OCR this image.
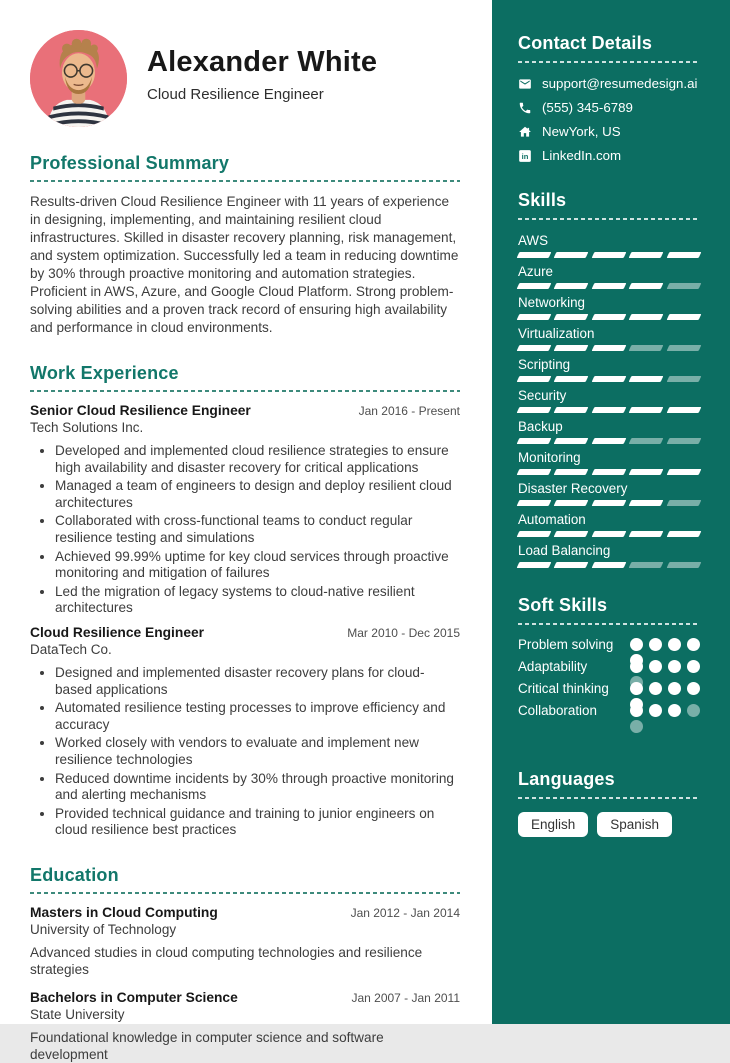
Alexander White
Cloud Resilience Engineer
Professional Summary

Results-driven Cloud Resilience Engineer with 11 years of experience in designing, implementing, and maintaining resilient cloud infrastructures. Skilled in disaster recovery planning, risk management, and system optimization. Successfully led a team in reducing downtime by 30% through proactive monitoring and automation strategies. Proficient in AWS, Azure, and Google Cloud Platform. Strong problem-solving abilities and a proven track record of ensuring high availability and performance in cloud environments.

Work Experience
Senior Cloud Resilience Engineer	Jan 2016 - Present
Tech Solutions Inc.
• Developed and implemented cloud resilience strategies to ensure high availability and disaster recovery for critical applications
• Managed a team of engineers to design and deploy resilient cloud architectures
• Collaborated with cross-functional teams to conduct regular resilience testing and simulations
• Achieved 99.99% uptime for key cloud services through proactive monitoring and mitigation of failures
• Led the migration of legacy systems to cloud-native resilient architectures
Cloud Resilience Engineer	Mar 2010 - Dec 2015
DataTech Co.
• Designed and implemented disaster recovery plans for cloud-based applications
• Automated resilience testing processes to improve efficiency and accuracy
• Worked closely with vendors to evaluate and implement new resilience technologies
• Reduced downtime incidents by 30% through proactive monitoring and alerting mechanisms
• Provided technical guidance and training to junior engineers on cloud resilience best practices
Education
Masters in Cloud Computing	Jan 2012 - Jan 2014
University of Technology
Advanced studies in cloud computing technologies and resilience strategies
Bachelors in Computer Science	Jan 2007 - Jan 2011
State University
Foundational knowledge in computer science and software development
Contact Details
support@resumedesign.ai
(555) 345-6789
NewYork, US
in LinkedIn.com
Skills
AWS
Azure
Networking
Virtualization
Scripting
Security
Backup
Monitoring
Disaster Recovery
Automation
Load Balancing
Soft Skills
Problem solving
Adaptability
Critical thinking
Collaboration
Languages
English	Spanish
